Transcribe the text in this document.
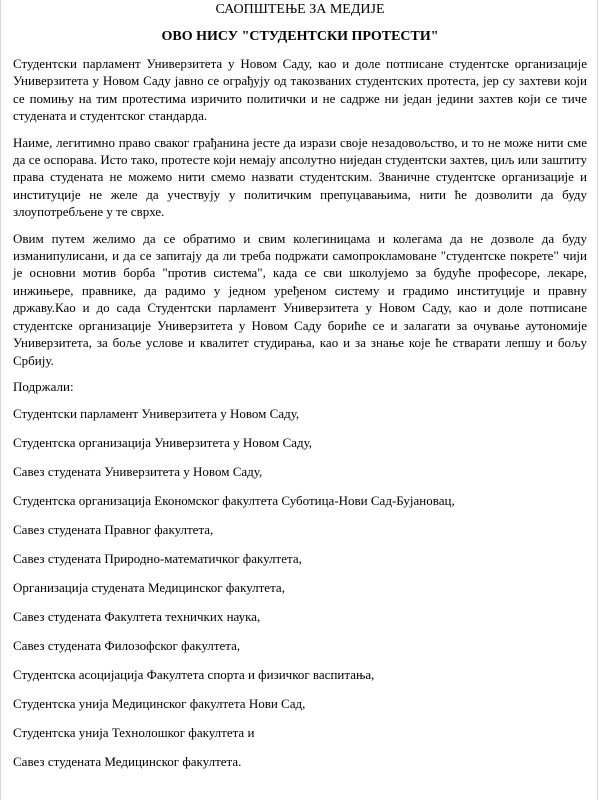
САОПШТЕЊЕ ЗА МЕДИЈЕ
ОВО НИСУ "СТУДЕНТСКИ ПРОТЕСТИ"

Студентски парламент Универзитета у Новом Саду, као и доле потписане студентске организације Универзитета у Новом Саду јавно се ограђују од такозваних студентских протеста, јер су захтеви који се помињу на тим протестима изричито политички и не садрже ни један једини захтев који се тиче студената и студентског стандарда.

Наиме, легитимно право сваког грађанина јесте да изрази своје незадовољство, и то не може нити сме да се оспорава. Исто тако, протесте који немају апсолутно ниједан студентски захтев, циљ или заштиту права студената не можемо нити смемо назвати студентским. Званичне студентске организације и институције не желе да учествују у политичким препуцавањима, нити ће дозволити да буду злоупотребљене у те сврхе.

Овим путем желимо да се обратимо и свим колегиницама и колегама да не дозволе да буду изманипулисани, и да се запитају да ли треба подржати самопрокламоване "студентске покрете" чији је основни мотив борба "против система", када се сви школујемо за будуће професоре, лекаре, инжињере, правнике, да радимо у једном уређеном систему и градимо институције и правну државу.Као и до сада Студентски парламент Универзитета у Новом Саду, као и доле потписане студентске организације Универзитета у Новом Саду бориће се и залагати за очување аутономије Универзитета, за боље услове и квалитет студирања, као и за знање које ће стварати лепшу и бољу Србију.

Подржали:
Студентски парламент Универзитета у Новом Саду,
Студентска организација Универзитета у Новом Саду,
Савез студената Универзитета у Новом Саду,
Студентска организација Економског факултета Суботица-Нови Сад-Бујановац,
Савез студената Правног факултета,
Савез студената Природно-математичког факултета,
Организација студената Медицинског факултета,
Савез студената Факултета техничких наука,
Савез студената Филозофског факултета,
Студентска асоцијација Факултета спорта и физичког васпитања,
Студентска унија Медицинског факултета Нови Сад,
Студентска унија Технолошког факултета и
Савез студената Медицинског факултета.
